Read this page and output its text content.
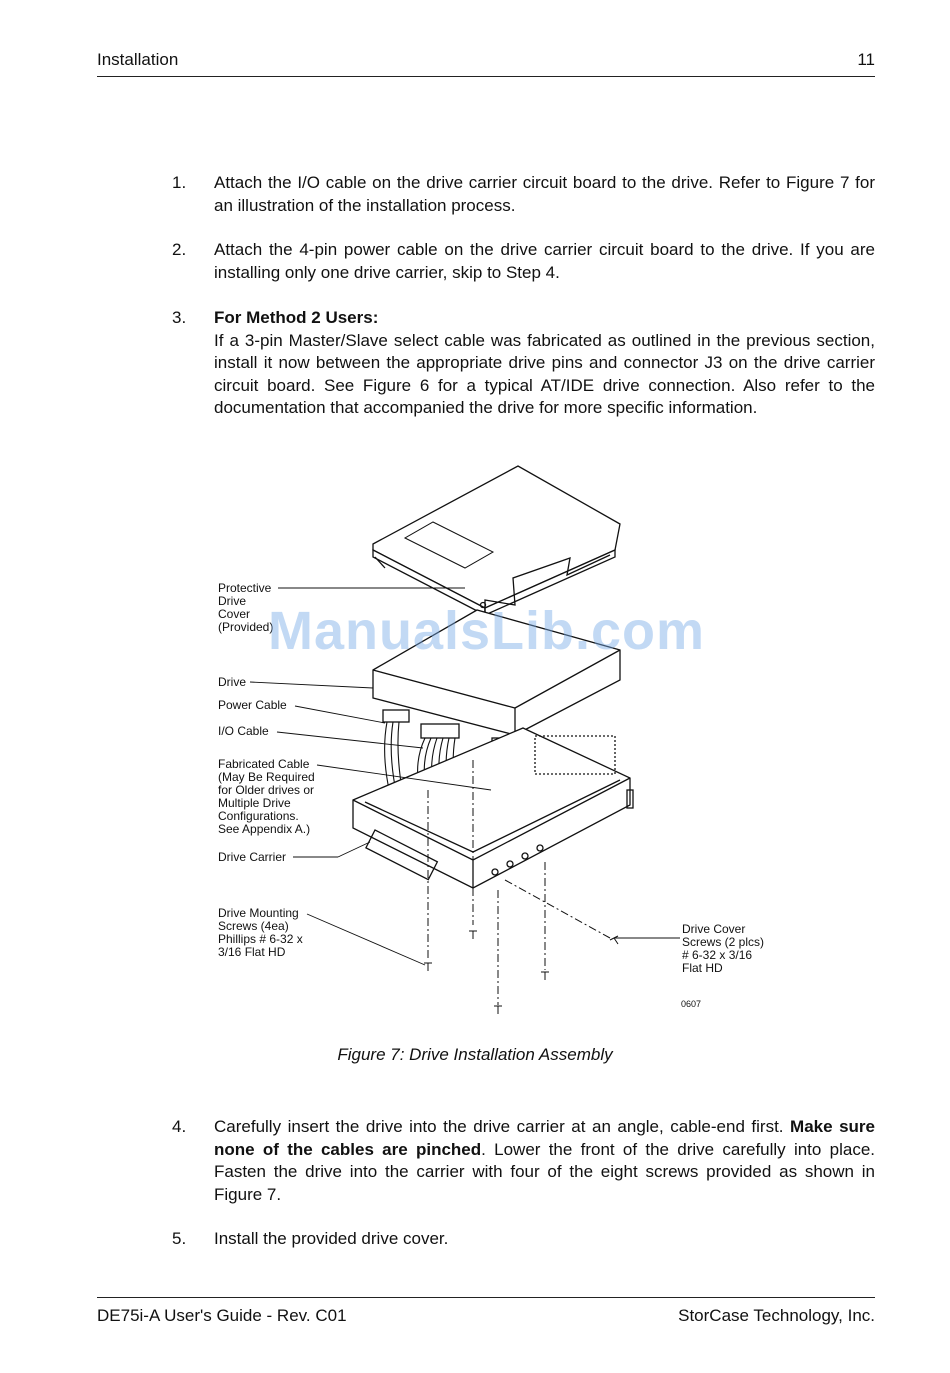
Installation	11
1. Attach the I/O cable on the drive carrier circuit board to the drive. Refer to Figure 7 for an illustration of the installation process.
2. Attach the 4-pin power cable on the drive carrier circuit board to the drive. If you are installing only one drive carrier, skip to Step 4.
3. For Method 2 Users:
If a 3-pin Master/Slave select cable was fabricated as outlined in the previous section, install it now between the appropriate drive pins and connector J3 on the drive carrier circuit board. See Figure 6 for a typical AT/IDE drive connection. Also refer to the documentation that accompanied the drive for more specific information.
Protective Drive Cover (Provided)
Drive
Power Cable
I/O Cable
Fabricated Cable (May Be Required for Older drives or Multiple Drive Configurations. See Appendix A.)
Drive Carrier
Drive Mounting Screws (4ea) Phillips # 6-32 x 3/16 Flat HD
Drive Cover Screws (2 plcs) # 6-32 x 3/16 Flat HD
0607
ManualsLib.com
Figure 7: Drive Installation Assembly
4. Carefully insert the drive into the drive carrier at an angle, cable-end first. Make sure none of the cables are pinched. Lower the front of the drive carefully into place. Fasten the drive into the carrier with four of the eight screws provided as shown in Figure 7.
5. Install the provided drive cover.
DE75i-A User's Guide - Rev. C01	StorCase Technology, Inc.
